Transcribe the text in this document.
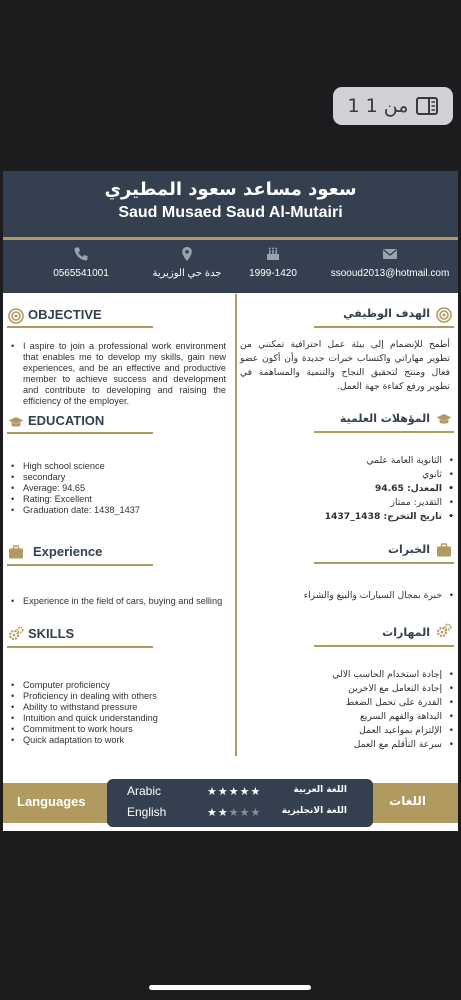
1 من 1
سعود مساعد سعود المطيري
Saud Musaed Saud Al-Mutairi
0565541001	جدة حي الوزيرية	1999-1420	ssooud2013@hotmail.com
OBJECTIVE
• I aspire to join a professional work environment that enables me to develop my skills, gain new experiences, and be an effective and productive member to achieve success and development and contribute to developing and raising the efficiency of the employer.
EDUCATION
• High school science
• secondary
• Average: 94.65
• Rating: Excellent
• Graduation date: 1438_1437
Experience
• Experience in the field of cars, buying and selling
SKILLS
• Computer proficiency
• Proficiency in dealing with others
• Ability to withstand pressure
• Intuition and quick understanding
• Commitment to work hours
• Quick adaptation to work
الهدف الوظيفي
أطمح للإنضمام إلى بيئة عمل احترافية تمكنني من تطوير مهاراتي واكتساب خبرات جديدة وأن أكون عضو فعال ومنتج لتحقيق النجاح والتنمية والمساهمة في تطوير ورفع كفاءة جهة العمل.
المؤهلات العلمية
• الثانوية العامة علمي
• ثانوي
• المعدل: 94.65
• التقدير: ممتاز
• تاريخ التخرج: 1438_1437
الخبرات
• خبرة بمجال السيارات والبيع والشراء
المهارات
• إجادة استخدام الحاسب الالي
• إجادة التعامل مع الاخرين
• القدرة على تحمل الضغط
• البداهة والفهم السريع
• الإلتزام بمواعيد العمل
• سرعة التأقلم مع العمل
Languages	اللغات
Arabic	★★★★★	اللغة العربية
English	★★★★★ اللغة الانجليزية
